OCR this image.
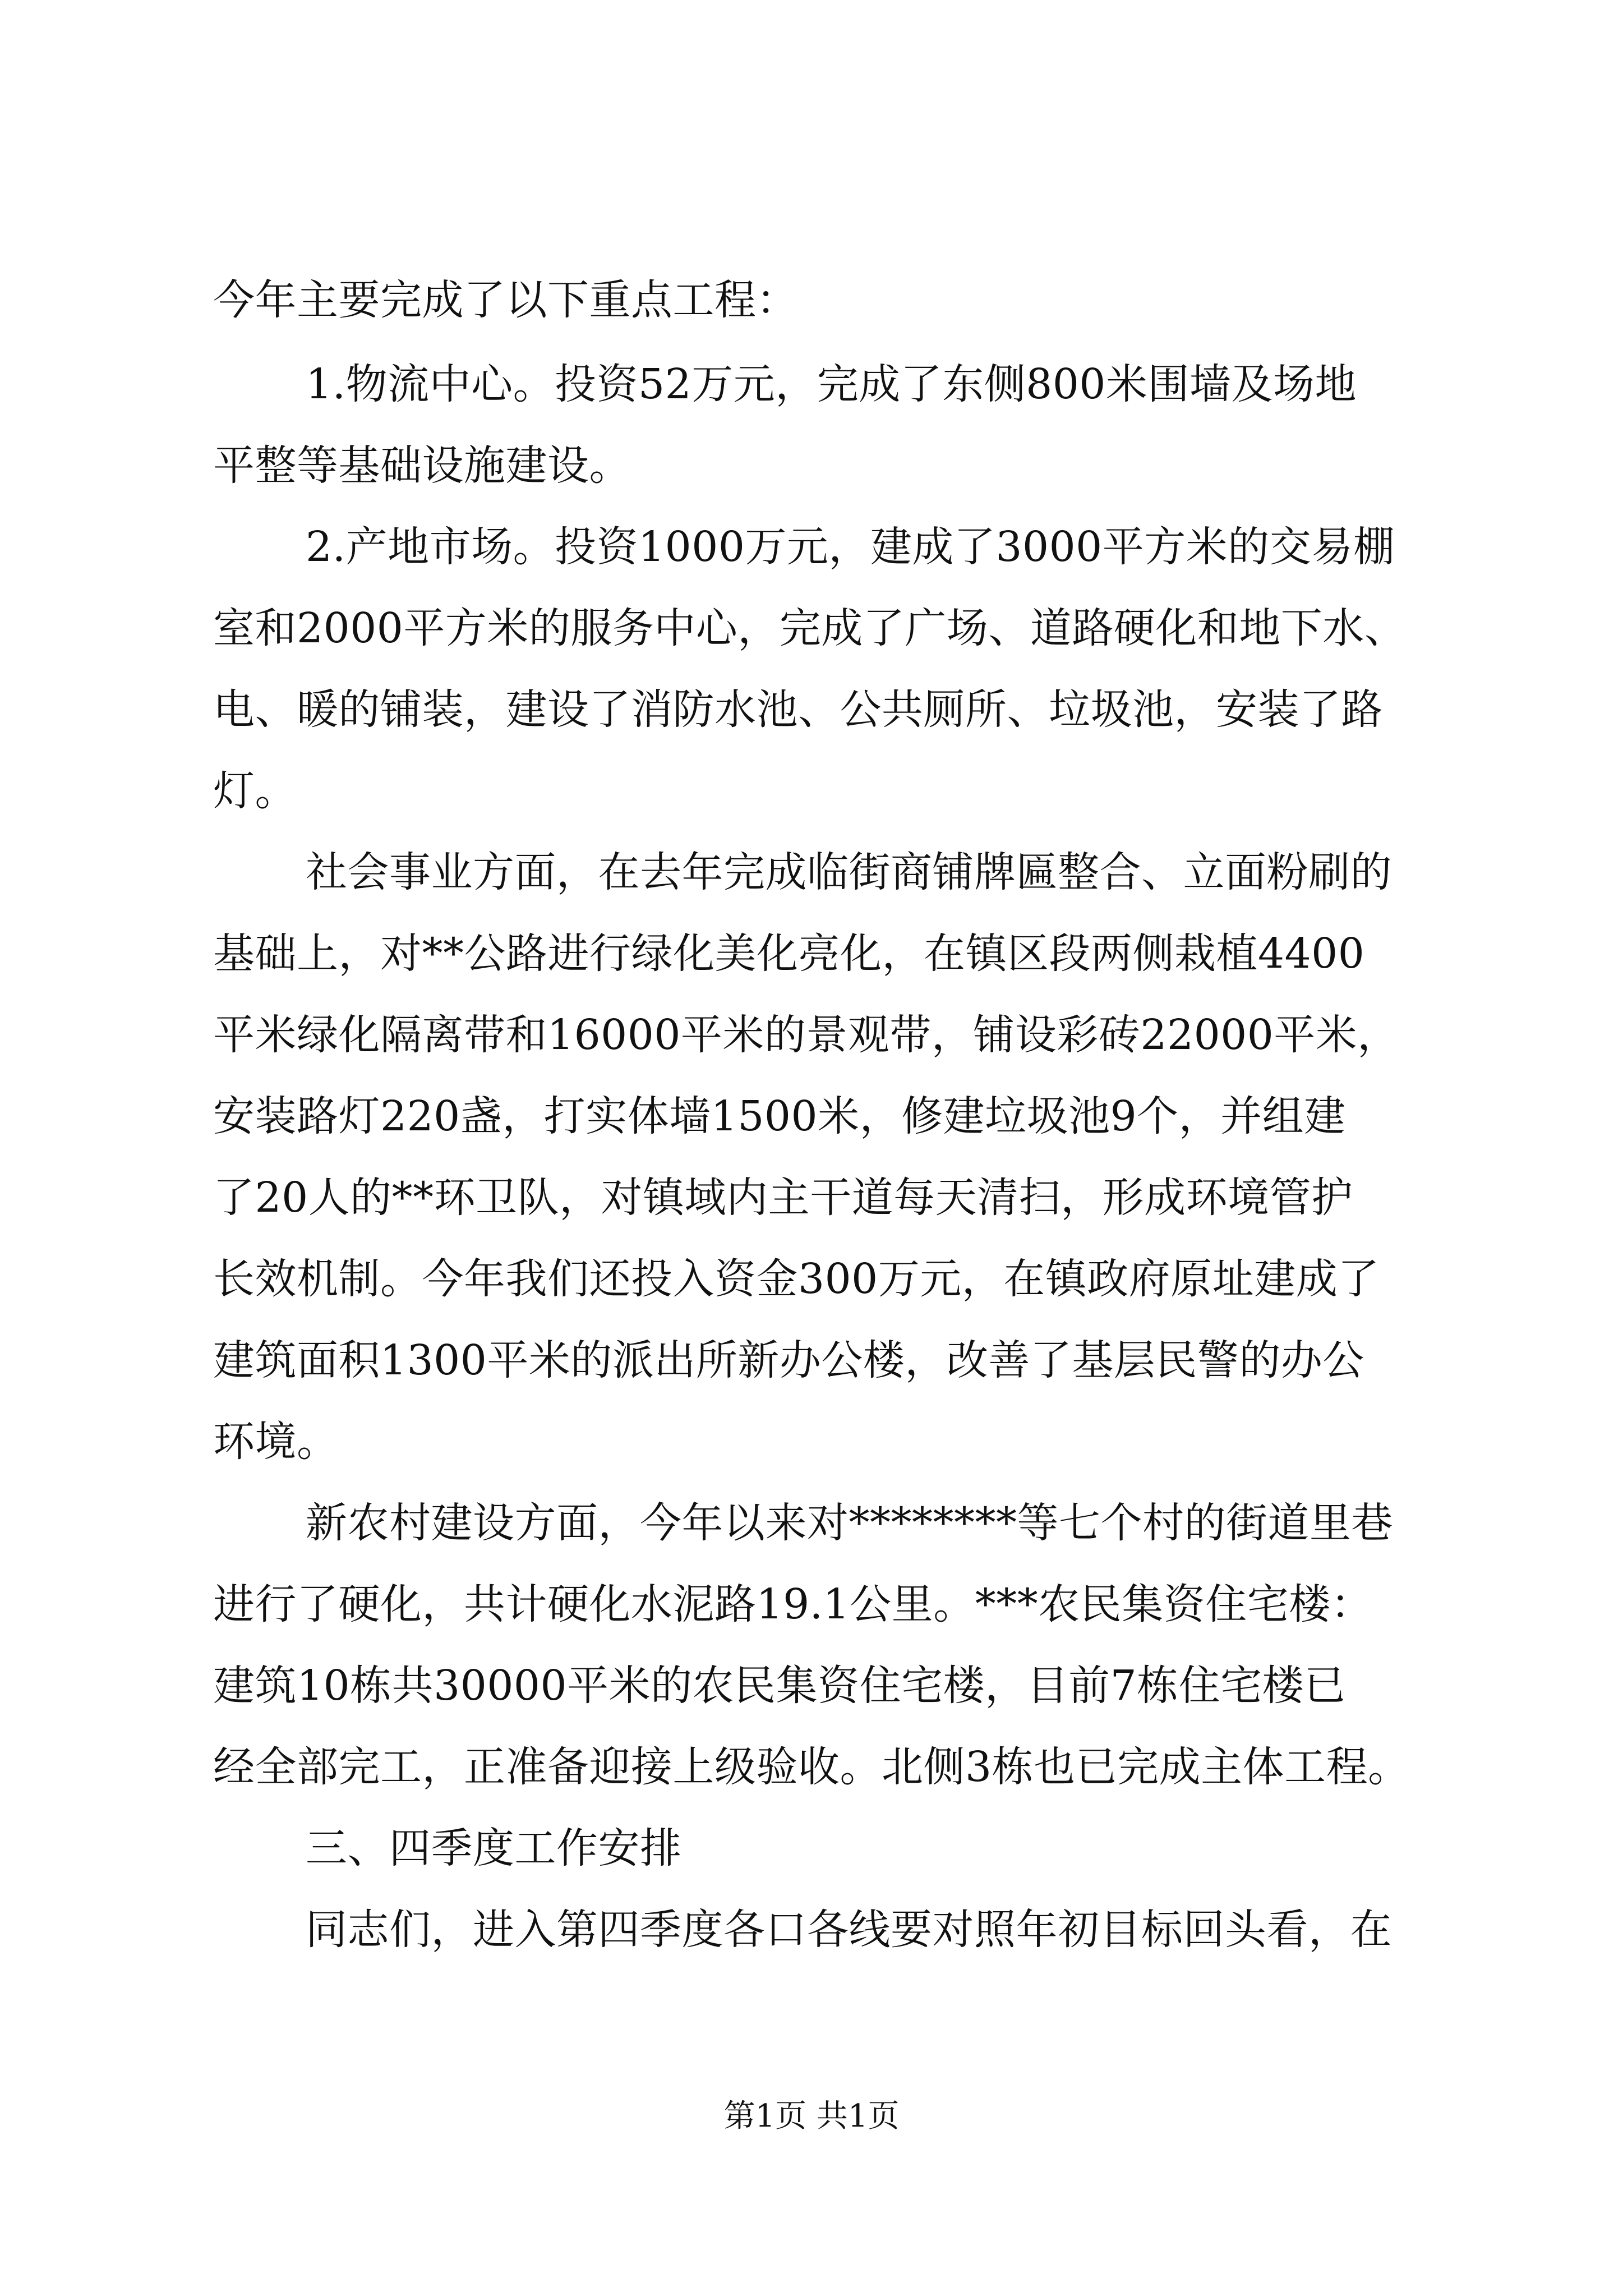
今年主要完成了以下重点工程：
1.物流中心。投资52万元，完成了东侧800米围墙及场地
平整等基础设施建设。
2.产地市场。投资1000万元，建成了3000平方米的交易棚
室和2000平方米的服务中心，完成了广场、道路硬化和地下水、
电、暖的铺装，建设了消防水池、公共厕所、垃圾池，安装了路
灯。
社会事业方面，在去年完成临街商铺牌匾整合、立面粉刷的
基础上，对**公路进行绿化美化亮化，在镇区段两侧栽植4400
平米绿化隔离带和16000平米的景观带，铺设彩砖22000平米，
安装路灯220盏，打实体墙1500米，修建垃圾池9个，并组建
了20人的**环卫队，对镇域内主干道每天清扫，形成环境管护
长效机制。今年我们还投入资金300万元，在镇政府原址建成了
建筑面积1300平米的派出所新办公楼，改善了基层民警的办公
环境。
新农村建设方面，今年以来对********等七个村的街道里巷
进行了硬化，共计硬化水泥路19.1公里。***农民集资住宅楼：
建筑10栋共30000平米的农民集资住宅楼，目前7栋住宅楼已
经全部完工，正准备迎接上级验收。北侧3栋也已完成主体工程。
三、四季度工作安排
同志们，进入第四季度各口各线要对照年初目标回头看，在
第1页 共1页
